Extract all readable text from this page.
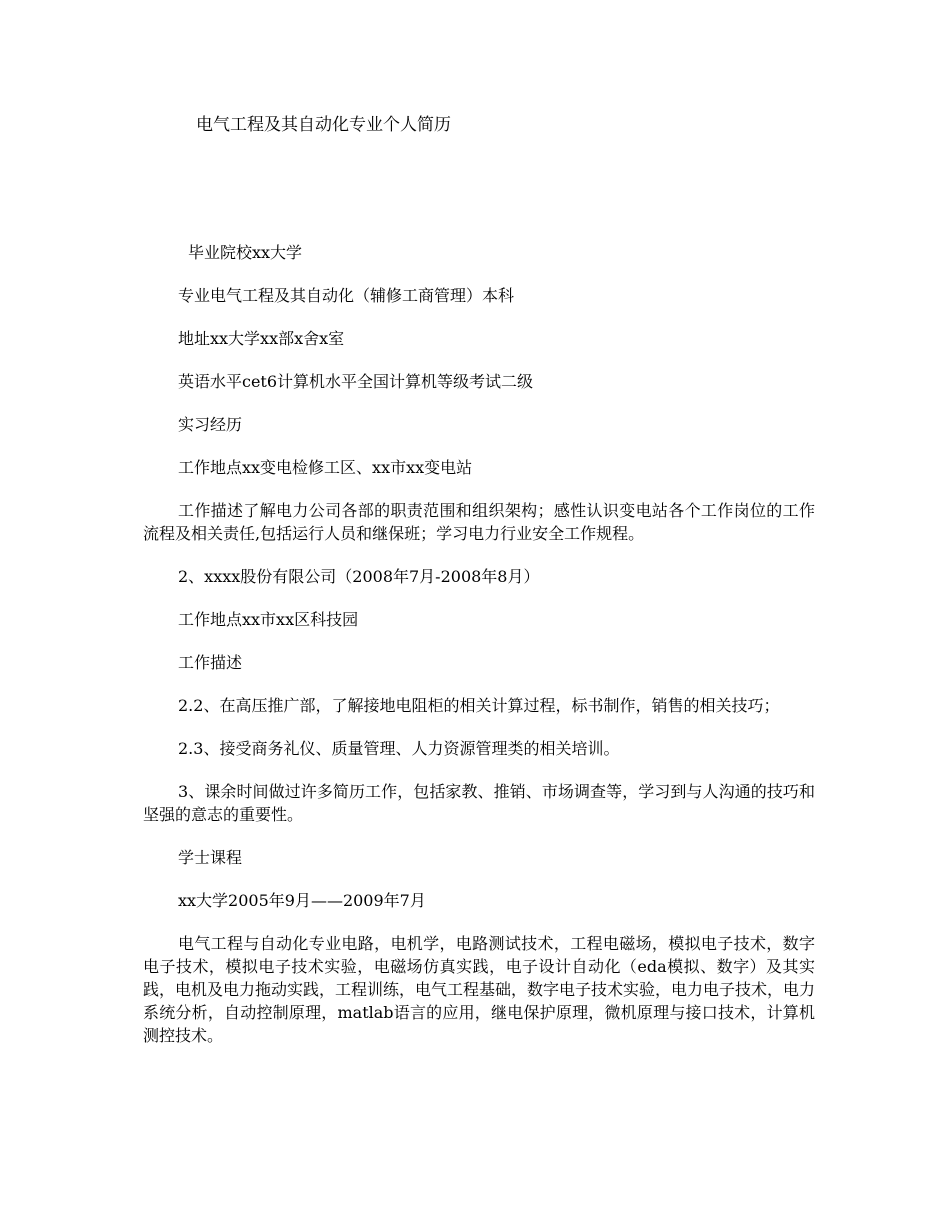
电气工程及其自动化专业个人简历

毕业院校xx大学

专业电气工程及其自动化（辅修工商管理）本科

地址xx大学xx部x舍x室

英语水平cet6计算机水平全国计算机等级考试二级

实习经历

工作地点xx变电检修工区、xx市xx变电站

工作描述了解电力公司各部的职责范围和组织架构；感性认识变电站各个工作岗位的工作流程及相关责任,包括运行人员和继保班；学习电力行业安全工作规程。

2、xxxx股份有限公司（2008年7月-2008年8月）

工作地点xx市xx区科技园

工作描述

2.2、在高压推广部，了解接地电阻柜的相关计算过程，标书制作，销售的相关技巧；

2.3、接受商务礼仪、质量管理、人力资源管理类的相关培训。

3、课余时间做过许多简历工作，包括家教、推销、市场调查等，学习到与人沟通的技巧和坚强的意志的重要性。

学士课程

xx大学2005年9月——2009年7月

电气工程与自动化专业电路，电机学，电路测试技术，工程电磁场，模拟电子技术，数字电子技术，模拟电子技术实验，电磁场仿真实践，电子设计自动化（eda模拟、数字）及其实践，电机及电力拖动实践，工程训练，电气工程基础，数字电子技术实验，电力电子技术，电力系统分析，自动控制原理，matlab语言的应用，继电保护原理，微机原理与接口技术，计算机测控技术。
